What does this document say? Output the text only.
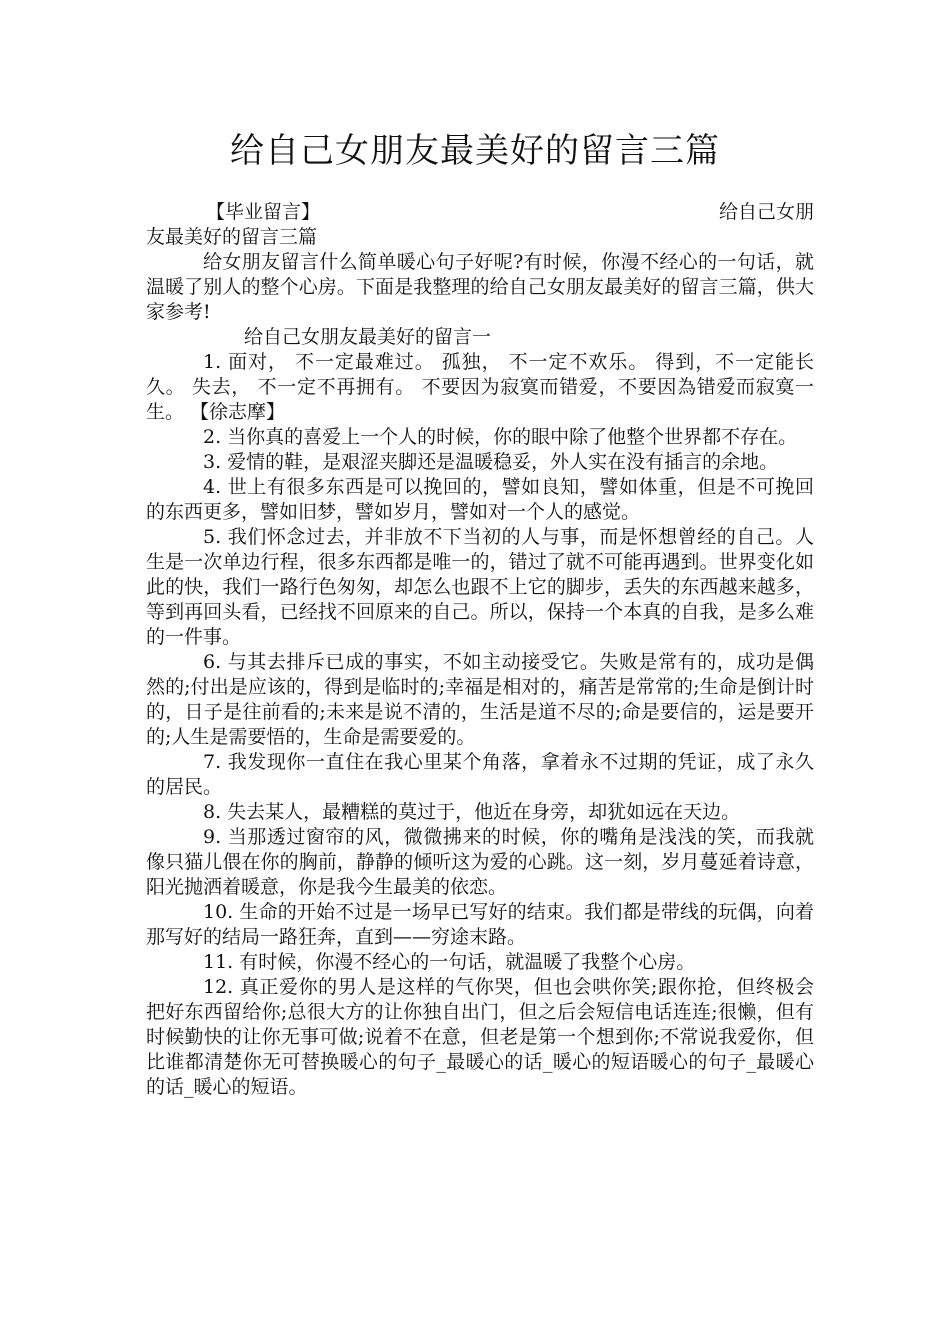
给自己女朋友最美好的留言三篇
【毕业留言】	给自己女朋

友最美好的留言三篇

给女朋友留言什么简单暖心句子好呢?有时候，你漫不经心的一句话，就温暖了别人的整个心房。下面是我整理的给自己女朋友最美好的留言三篇，供大家参考!

给自己女朋友最美好的留言一

1. 面对， 不一定最难过。 孤独， 不一定不欢乐。 得到，不一定能长久。 失去， 不一定不再拥有。 不要因为寂寞而错爱，不要因為错爱而寂寞一生。 【徐志摩】

2. 当你真的喜爱上一个人的时候，你的眼中除了他整个世界都不存在。

3. 爱情的鞋，是艰涩夹脚还是温暖稳妥，外人实在没有插言的余地。

4. 世上有很多东西是可以挽回的，譬如良知，譬如体重，但是不可挽回的东西更多，譬如旧梦，譬如岁月，譬如对一个人的感觉。

5. 我们怀念过去，并非放不下当初的人与事，而是怀想曾经的自己。人生是一次单边行程，很多东西都是唯一的，错过了就不可能再遇到。世界变化如此的快，我们一路行色匆匆，却怎么也跟不上它的脚步，丢失的东西越来越多，等到再回头看，已经找不回原来的自己。所以，保持一个本真的自我，是多么难的一件事。

6. 与其去排斥已成的事实，不如主动接受它。失败是常有的，成功是偶然的;付出是应该的，得到是临时的;幸福是相对的，痛苦是常常的;生命是倒计时的，日子是往前看的;未来是说不清的，生活是道不尽的;命是要信的，运是要开的;人生是需要悟的，生命是需要爱的。

7. 我发现你一直住在我心里某个角落，拿着永不过期的凭证，成了永久的居民。

8. 失去某人，最糟糕的莫过于，他近在身旁，却犹如远在天边。

9. 当那透过窗帘的风，微微拂来的时候，你的嘴角是浅浅的笑，而我就像只猫儿偎在你的胸前，静静的倾听这为爱的心跳。这一刻，岁月蔓延着诗意，阳光抛洒着暖意，你是我今生最美的依恋。

10. 生命的开始不过是一场早已写好的结束。我们都是带线的玩偶，向着那写好的结局一路狂奔，直到——穷途末路。

11. 有时候，你漫不经心的一句话，就温暖了我整个心房。

12. 真正爱你的男人是这样的气你哭，但也会哄你笑;跟你抢，但终极会把好东西留给你;总很大方的让你独自出门，但之后会短信电话连连;很懒，但有时候勤快的让你无事可做;说着不在意，但老是第一个想到你;不常说我爱你，但比谁都清楚你无可替换暖心的句子_最暖心的话_暖心的短语暖心的句子_最暖心的话_暖心的短语。
